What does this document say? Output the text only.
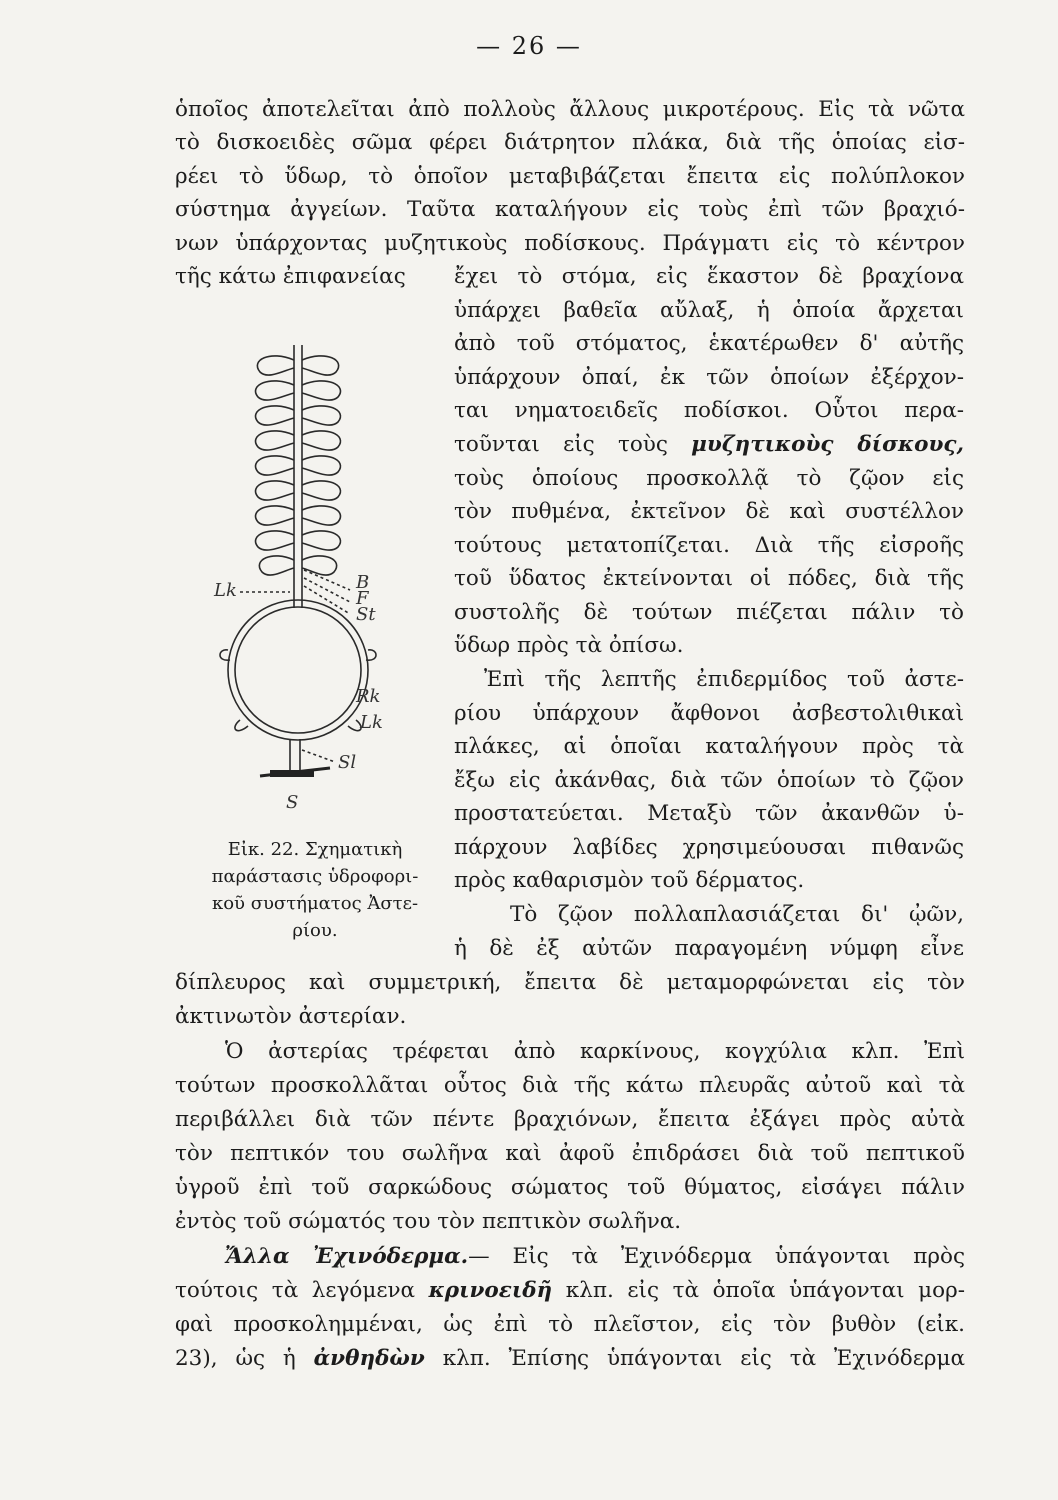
— 26 —
ὁποῖος ἀποτελεῖται ἀπὸ πολλοὺς ἄλλους μικροτέρους. Εἰς τὰ νῶτα
τὸ δισκοειδὲς σῶμα φέρει διάτρητον πλάκα, διὰ τῆς ὁποίας εἰσ-
ρέει τὸ ὕδωρ, τὸ ὁποῖον μεταβιβάζεται ἔπειτα εἰς πολύπλοκον
σύστημα ἀγγείων. Ταῦτα καταλήγουν εἰς τοὺς ἐπὶ τῶν βραχιό-
νων ὑπάρχοντας μυζητικοὺς ποδίσκους. Πράγματι εἰς τὸ κέντρον
τῆς κάτω ἐπιφανείας ἔχει τὸ στόμα, εἰς ἕκαστον δὲ βραχίονα
ὑπάρχει βαθεῖα αὔλαξ, ἡ ὁποία ἄρχεται
ἀπὸ τοῦ στόματος, ἑκατέρωθεν δ' αὐτῆς
ὑπάρχουν ὀπαί, ἐκ τῶν ὁποίων ἐξέρχον-
ται νηματοειδεῖς ποδίσκοι. Οὗτοι περα-
τοῦνται εἰς τοὺς μυζητικοὺς δίσκους,
τοὺς ὁποίους προσκολλᾷ τὸ ζῷον εἰς
τὸν πυθμένα, ἐκτεῖνον δὲ καὶ συστέλλον
τούτους μετατοπίζεται. Διὰ τῆς εἰσροῆς
τοῦ ὕδατος ἐκτείνονται οἱ πόδες, διὰ τῆς
συστολῆς δὲ τούτων πιέζεται πάλιν τὸ
ὕδωρ πρὸς τὰ ὀπίσω.
Ἐπὶ τῆς λεπτῆς ἐπιδερμίδος τοῦ ἀστε-
ρίου ὑπάρχουν ἄφθονοι ἀσβεστολιθικαὶ
πλάκες, αἱ ὁποῖαι καταλήγουν πρὸς τὰ
ἔξω εἰς ἀκάνθας, διὰ τῶν ὁποίων τὸ ζῷον
προστατεύεται. Μεταξὺ τῶν ἀκανθῶν ὑ-
πάρχουν λαβίδες χρησιμεύουσαι πιθανῶς
πρὸς καθαρισμὸν τοῦ δέρματος.
Τὸ ζῷον πολλαπλασιάζεται δι' ᾠῶν,
ἡ δὲ ἐξ αὐτῶν παραγομένη νύμφη εἶνε
δίπλευρος καὶ συμμετρική, ἔπειτα δὲ μεταμορφώνεται εἰς τὸν
ἀκτινωτὸν ἀστερίαν.
Ὁ ἀστερίας τρέφεται ἀπὸ καρκίνους, κογχύλια κλπ. Ἐπὶ
τούτων προσκολλᾶται οὗτος διὰ τῆς κάτω πλευρᾶς αὐτοῦ καὶ τὰ
περιβάλλει διὰ τῶν πέντε βραχιόνων, ἔπειτα ἐξάγει πρὸς αὐτὰ
τὸν πεπτικόν του σωλῆνα καὶ ἀφοῦ ἐπιδράσει διὰ τοῦ πεπτικοῦ
ὑγροῦ ἐπὶ τοῦ σαρκώδους σώματος τοῦ θύματος, εἰσάγει πάλιν
ἐντὸς τοῦ σώματός του τὸν πεπτικὸν σωλῆνα.
Ἄλλα Ἐχινόδερμα.— Εἰς τὰ Ἐχινόδερμα ὑπάγονται πρὸς
τούτοις τὰ λεγόμενα κρινοειδῆ κλπ. εἰς τὰ ὁποῖα ὑπάγονται μορ-
φαὶ προσκολημμέναι, ὡς ἐπὶ τὸ πλεῖστον, εἰς τὸν βυθὸν (εἰκ.
23), ὡς ἡ ἀνθηδὼν κλπ. Ἐπίσης ὑπάγονται εἰς τὰ Ἐχινόδερμα
Lk	B
F
St
Rk
Lk
Sl
S
Εἰκ. 22. Σχηματικὴ
παράστασις ὑδροφορι-
κοῦ συστήματος Ἀστε-
ρίου.
